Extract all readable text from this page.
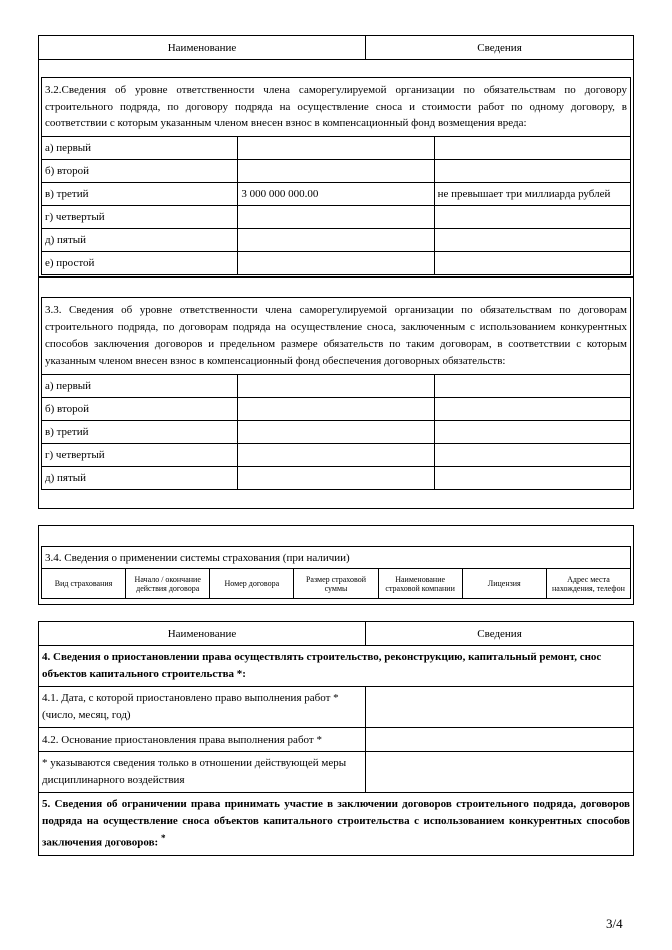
Наименование	Сведения
3.2.Сведения об уровне ответственности члена саморегулируемой организации по обязательствам по договору строительного подряда, по договору подряда на осуществление сноса и стоимости работ по одному договору, в соответствии с которым указанным членом внесен взнос в компенсационный фонд возмещения вреда:		
а) первый		
б) второй		
в) третий	3 000 000 000.00	не превышает три миллиарда рублей
г) четвертый		
д) пятый		
е) простой		
3.3. Сведения об уровне ответственности члена саморегулируемой организации по обязательствам по договорам строительного подряда, по договорам подряда на осуществление сноса, заключенным с использованием конкурентных способов заключения договоров и предельном размере обязательств по таким договорам, в соответствии с которым указанным членом внесен взнос в компенсационный фонд обеспечения договорных обязательств:		
а) первый		
б) второй		
в) третий		
г) четвертый		
д) пятый		
3.4. Сведения о применении системы страхования (при наличии)
Вид страхования	Начало / окончание действия договора	Номер договора	Размер страховой суммы	Наименование страховой компании	Лицензия	Адрес места нахождения, телефон
Наименование	Сведения
4. Сведения о приостановлении права осуществлять строительство, реконструкцию, капитальный ремонт, снос объектов капитального строительства *:	
4.1. Дата, с которой приостановлено право выполнения работ * (число, месяц, год)	
4.2. Основание приостановления права выполнения работ *	
* указываются сведения только в отношении действующей меры дисциплинарного воздействия	
5. Сведения об ограничении права принимать участие в заключении договоров строительного подряда, договоров подряда на осуществление сноса объектов капитального строительства с использованием конкурентных способов заключения договоров: *
3/4
